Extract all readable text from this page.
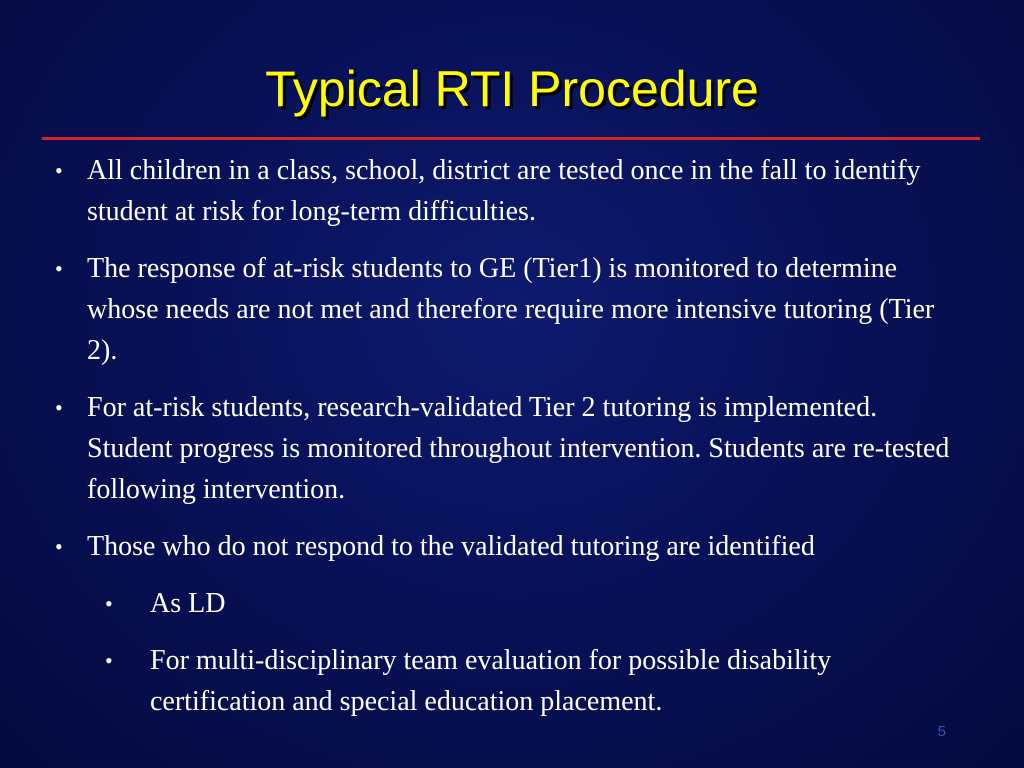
Typical RTI Procedure
• All children in a class, school, district are tested once in the fall to identify student at risk for long-term difficulties.
• The response of at-risk students to GE (Tier1) is monitored to determine whose needs are not met and therefore require more intensive tutoring (Tier 2).
• For at-risk students, research-validated Tier 2 tutoring is implemented. Student progress is monitored throughout intervention. Students are re-tested following intervention.
• Those who do not respond to the validated tutoring are identified
• As LD
• For multi-disciplinary team evaluation for possible disability certification and special education placement.
5
